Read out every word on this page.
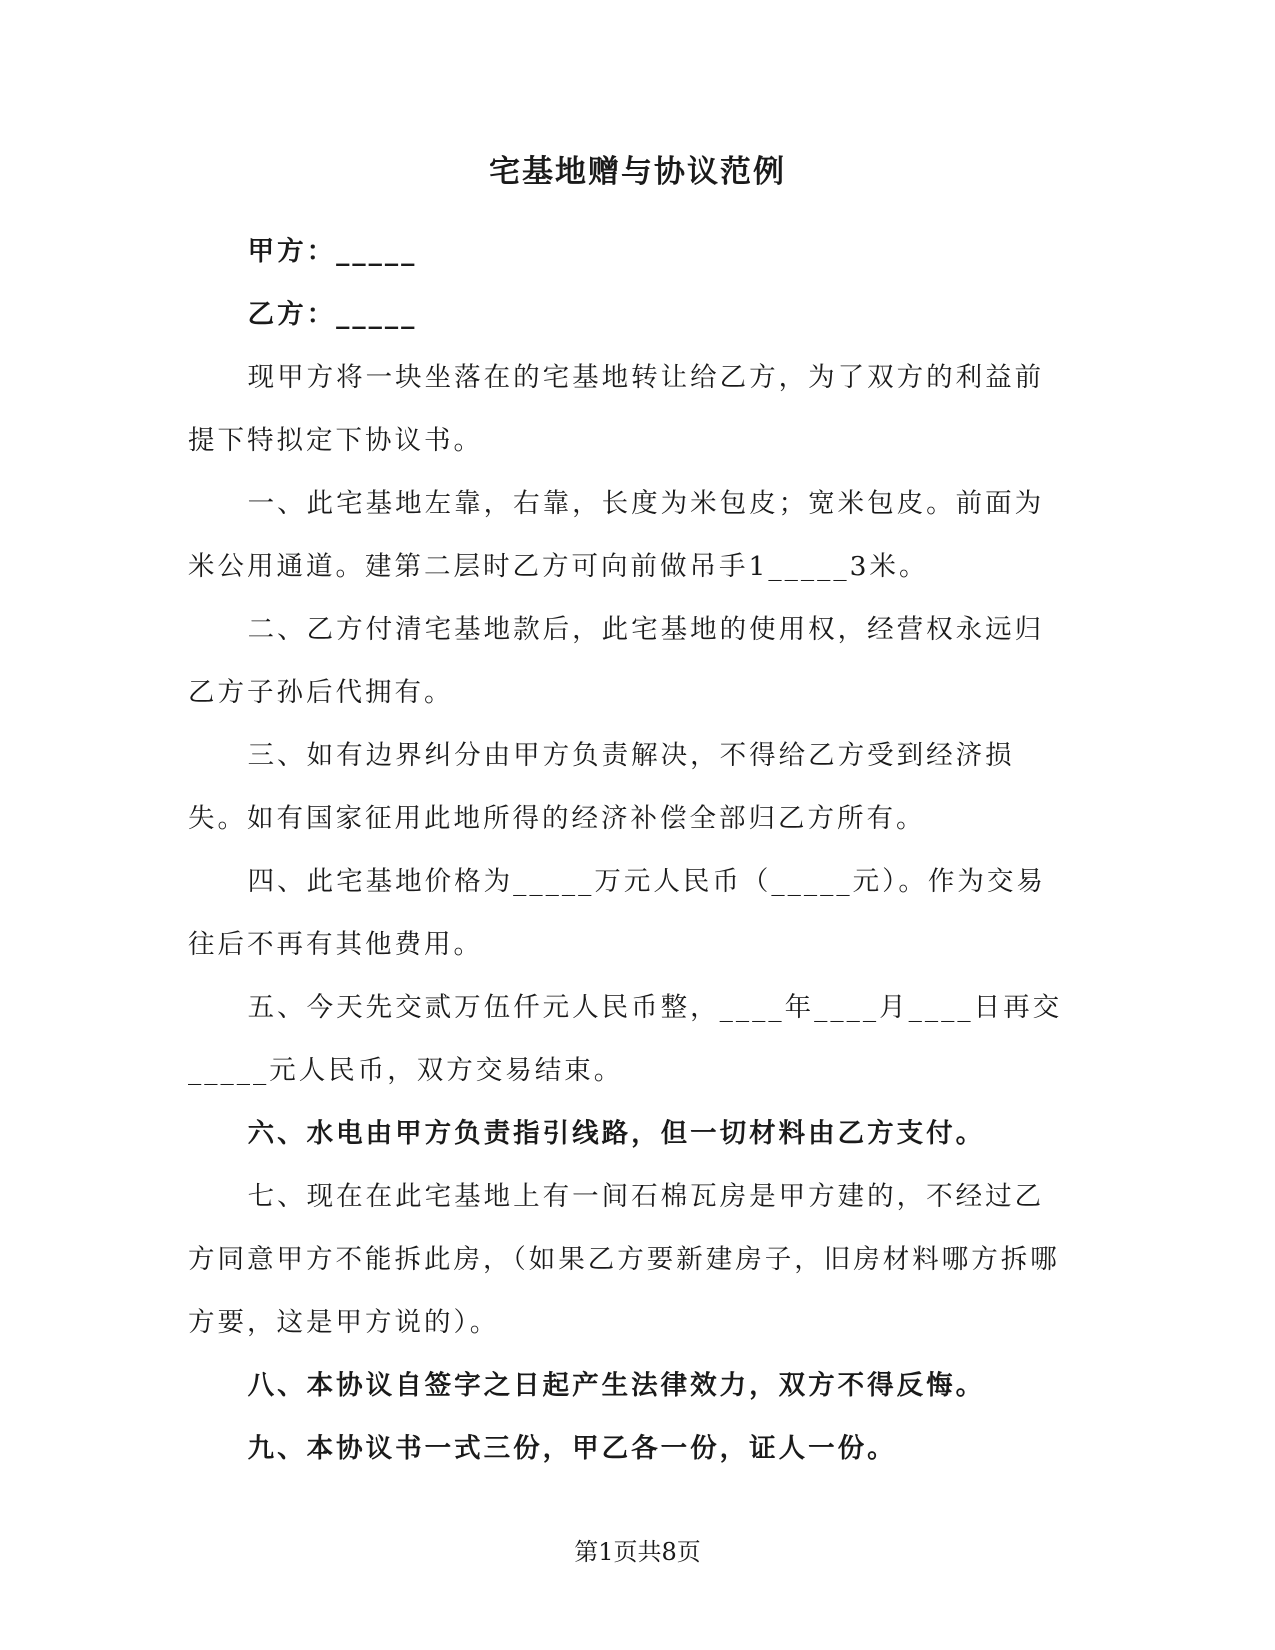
宅基地赠与协议范例

甲方：_____

乙方：_____

现甲方将一块坐落在的宅基地转让给乙方，为了双方的利益前提下特拟定下协议书。

一、此宅基地左靠，右靠，长度为米包皮；宽米包皮。前面为米公用通道。建第二层时乙方可向前做吊手1_____3米。

二、乙方付清宅基地款后，此宅基地的使用权，经营权永远归乙方子孙后代拥有。

三、如有边界纠分由甲方负责解决，不得给乙方受到经济损失。如有国家征用此地所得的经济补偿全部归乙方所有。

四、此宅基地价格为_____万元人民币（_____元）。作为交易往后不再有其他费用。

五、今天先交贰万伍仟元人民币整，____年____月____日再交_____元人民币，双方交易结束。

六、水电由甲方负责指引线路，但一切材料由乙方支付。

七、现在在此宅基地上有一间石棉瓦房是甲方建的，不经过乙方同意甲方不能拆此房，（如果乙方要新建房子，旧房材料哪方拆哪方要，这是甲方说的）。

八、本协议自签字之日起产生法律效力，双方不得反悔。

九、本协议书一式三份，甲乙各一份，证人一份。

第1页共8页
